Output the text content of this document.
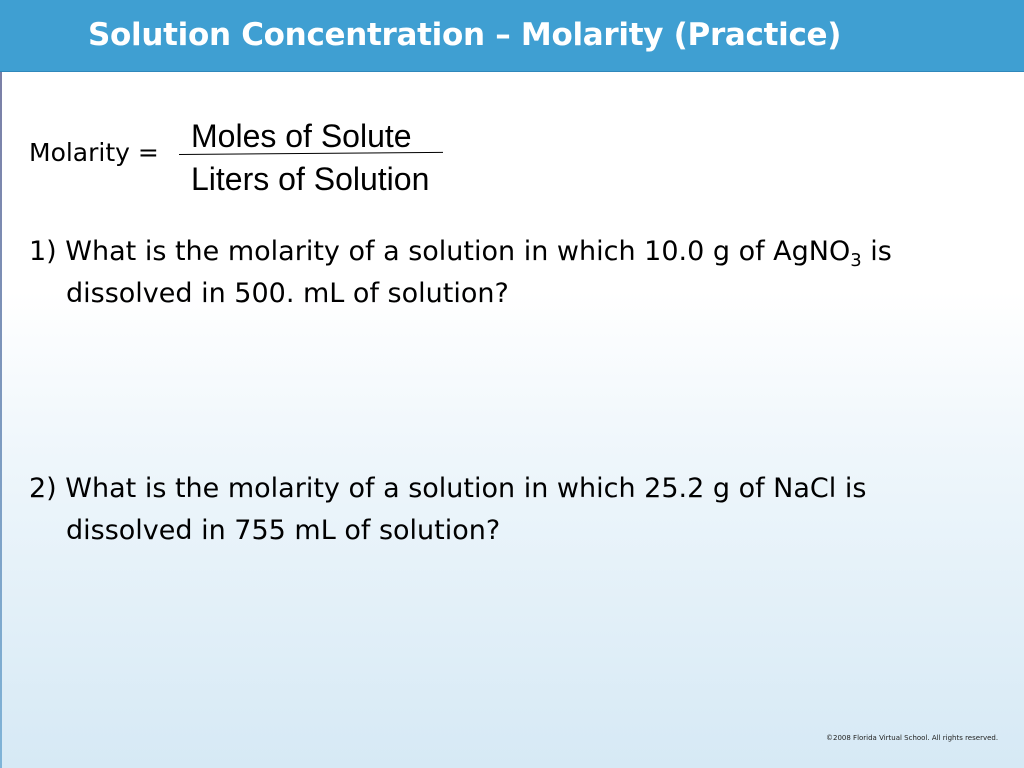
Solution Concentration – Molarity (Practice)
Molarity = Moles of Solute
Liters of Solution
1) What is the molarity of a solution in which 10.0 g of AgNO$_3$ is dissolved in 500. mL of solution?
2) What is the molarity of a solution in which 25.2 g of NaCl is dissolved in 755 mL of solution?
©2008 Florida Virtual School. All rights reserved.
